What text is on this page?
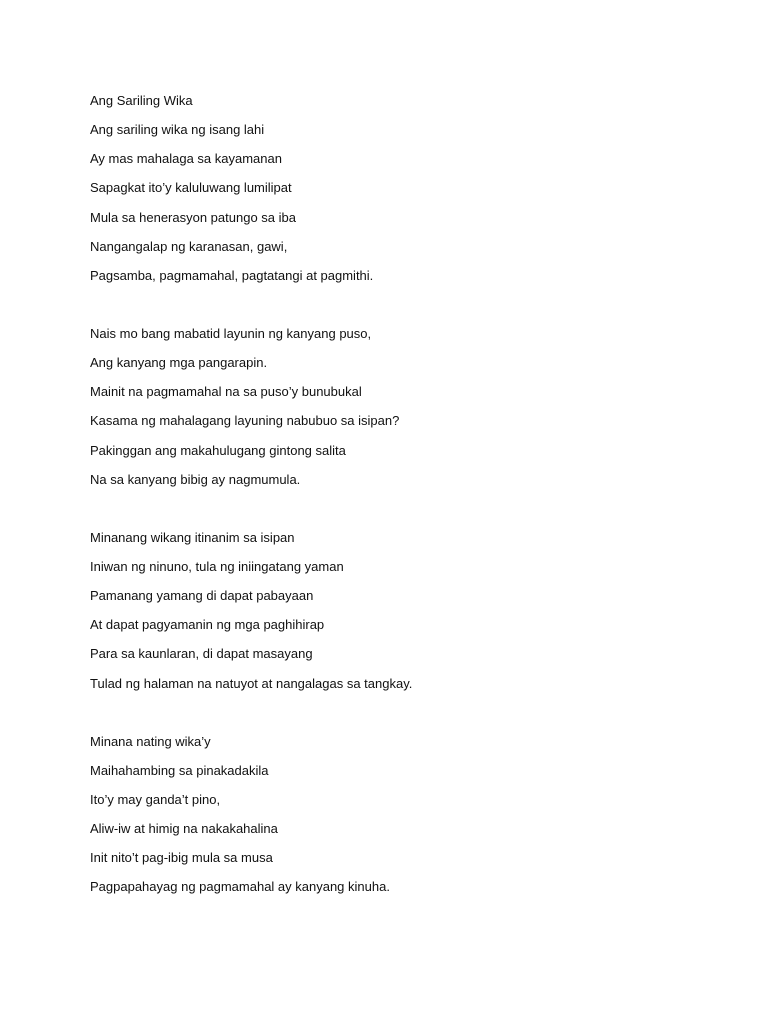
Ang Sariling Wika
Ang sariling wika ng isang lahi
Ay mas mahalaga sa kayamanan
Sapagkat ito’y kaluluwang lumilipat
Mula sa henerasyon patungo sa iba
Nangangalap ng karanasan, gawi,
Pagsamba, pagmamahal, pagtatangi at pagmithi.
Nais mo bang mabatid layunin ng kanyang puso,
Ang kanyang mga pangarapin.
Mainit na pagmamahal na sa puso’y bunubukal
Kasama ng mahalagang layuning nabubuo sa isipan?
Pakinggan ang makahulugang gintong salita
Na sa kanyang bibig ay nagmumula.
Minanang wikang itinanim sa isipan
Iniwan ng ninuno, tula ng iniingatang yaman
Pamanang yamang di dapat pabayaan
At dapat pagyamanin ng mga paghihirap
Para sa kaunlaran, di dapat masayang
Tulad ng halaman na natuyot at nangalagas sa tangkay.
Minana nating wika’y
Maihahambing sa pinakadakila
Ito’y may ganda’t pino,
Aliw-iw at himig na nakakahalina
Init nito’t pag-ibig mula sa musa
Pagpapahayag ng pagmamahal ay kanyang kinuha.
